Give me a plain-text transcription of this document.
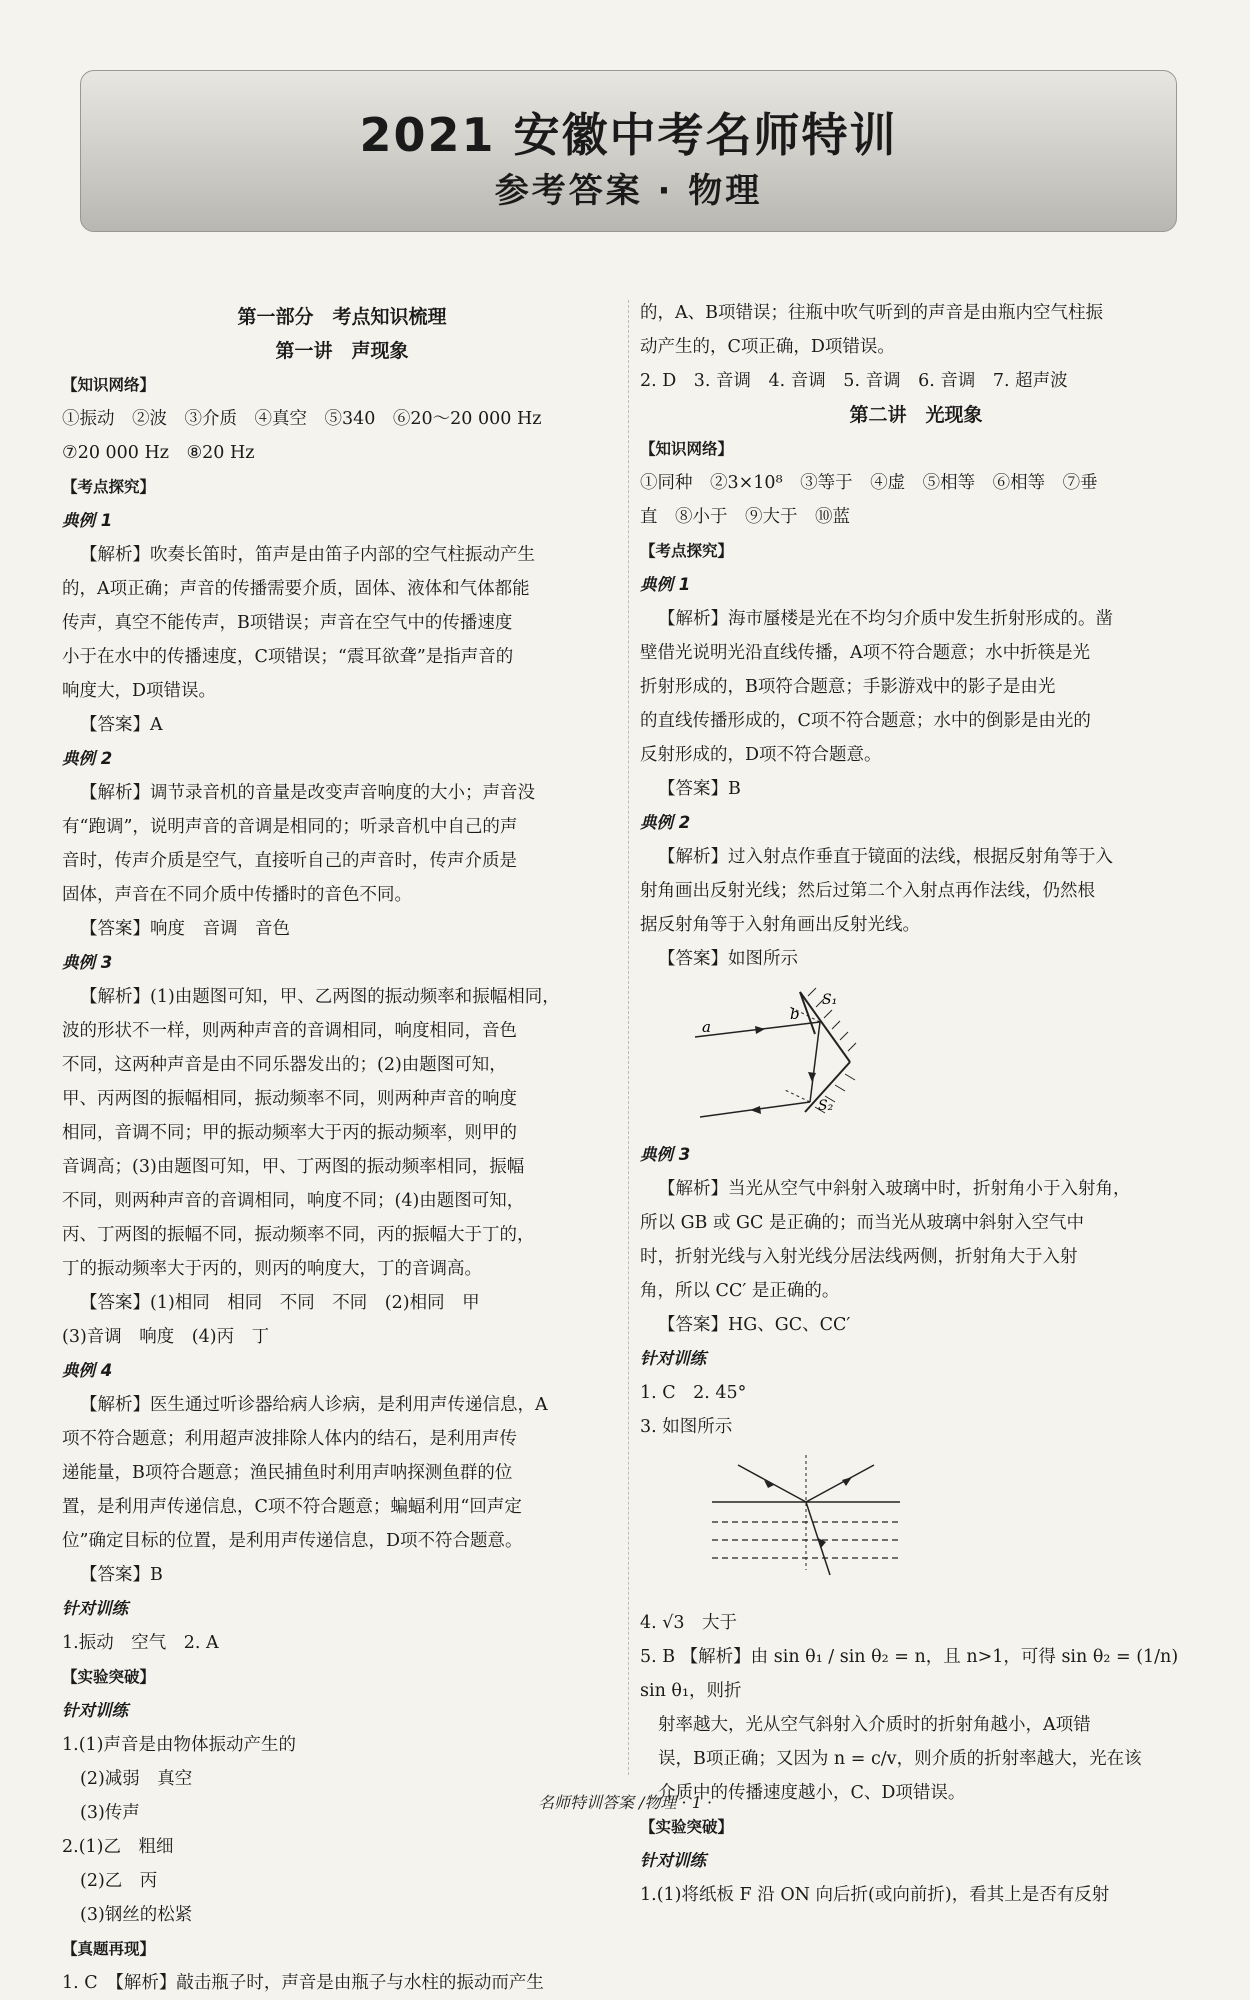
2021 安徽中考名师特训
参考答案 · 物理

第一部分　考点知识梳理

第一讲　声现象

【知识网络】

①振动　②波　③介质　④真空　⑤340　⑥20～20 000 Hz

⑦20 000 Hz　⑧20 Hz

【考点探究】

典例 1

【解析】吹奏长笛时，笛声是由笛子内部的空气柱振动产生

的，A项正确；声音的传播需要介质，固体、液体和气体都能

传声，真空不能传声，B项错误；声音在空气中的传播速度

小于在水中的传播速度，C项错误；“震耳欲聋”是指声音的

响度大，D项错误。

【答案】A

典例 2

【解析】调节录音机的音量是改变声音响度的大小；声音没

有“跑调”，说明声音的音调是相同的；听录音机中自己的声

音时，传声介质是空气，直接听自己的声音时，传声介质是

固体，声音在不同介质中传播时的音色不同。

【答案】响度　音调　音色

典例 3

【解析】(1)由题图可知，甲、乙两图的振动频率和振幅相同，

波的形状不一样，则两种声音的音调相同，响度相同，音色

不同，这两种声音是由不同乐器发出的；(2)由题图可知，

甲、丙两图的振幅相同，振动频率不同，则两种声音的响度

相同，音调不同；甲的振动频率大于丙的振动频率，则甲的

音调高；(3)由题图可知，甲、丁两图的振动频率相同，振幅

不同，则两种声音的音调相同，响度不同；(4)由题图可知，

丙、丁两图的振幅不同，振动频率不同，丙的振幅大于丁的，

丁的振动频率大于丙的，则丙的响度大，丁的音调高。

【答案】(1)相同　相同　不同　不同　(2)相同　甲

(3)音调　响度　(4)丙　丁

典例 4

【解析】医生通过听诊器给病人诊病，是利用声传递信息，A

项不符合题意；利用超声波排除人体内的结石，是利用声传

递能量，B项符合题意；渔民捕鱼时利用声呐探测鱼群的位

置，是利用声传递信息，C项不符合题意；蝙蝠利用“回声定

位”确定目标的位置，是利用声传递信息，D项不符合题意。

【答案】B

针对训练

1.振动　空气　2. A

【实验突破】

针对训练

1.(1)声音是由物体振动产生的

(2)减弱　真空

(3)传声

2.(1)乙　粗细

(2)乙　丙

(3)钢丝的松紧

【真题再现】

1. C　【解析】敲击瓶子时，声音是由瓶子与水柱的振动而产生

的，A、B项错误；往瓶中吹气听到的声音是由瓶内空气柱振

动产生的，C项正确，D项错误。

2. D　3. 音调　4. 音调　5. 音调　6. 音调　7. 超声波

第二讲　光现象

【知识网络】

①同种　②3×10⁸　③等于　④虚　⑤相等　⑥相等　⑦垂

直　⑧小于　⑨大于　⑩蓝

【考点探究】

典例 1

【解析】海市蜃楼是光在不均匀介质中发生折射形成的。凿

壁借光说明光沿直线传播，A项不符合题意；水中折筷是光

折射形成的，B项符合题意；手影游戏中的影子是由光

的直线传播形成的，C项不符合题意；水中的倒影是由光的

反射形成的，D项不符合题意。

【答案】B

典例 2

【解析】过入射点作垂直于镜面的法线，根据反射角等于入

射角画出反射光线；然后过第二个入射点再作法线，仍然根

据反射角等于入射角画出反射光线。

【答案】如图所示

a
b
S₁
S₂

典例 3

【解析】当光从空气中斜射入玻璃中时，折射角小于入射角，

所以 GB 或 GC 是正确的；而当光从玻璃中斜射入空气中

时，折射光线与入射光线分居法线两侧，折射角大于入射

角，所以 CC′ 是正确的。

【答案】HG、GC、CC′

针对训练

1. C　2. 45°

3. 如图所示

4. √3　大于

5. B 【解析】由 sin θ₁ / sin θ₂ = n，且 n>1，可得 sin θ₂ = (1/n) sin θ₁，则折

射率越大，光从空气斜射入介质时的折射角越小，A项错

误，B项正确；又因为 n = c/v，则介质的折射率越大，光在该

介质中的传播速度越小，C、D项错误。

【实验突破】

针对训练

1.(1)将纸板 F 沿 ON 向后折(或向前折)，看其上是否有反射

名师特训答案 /物理 · 1 ·
